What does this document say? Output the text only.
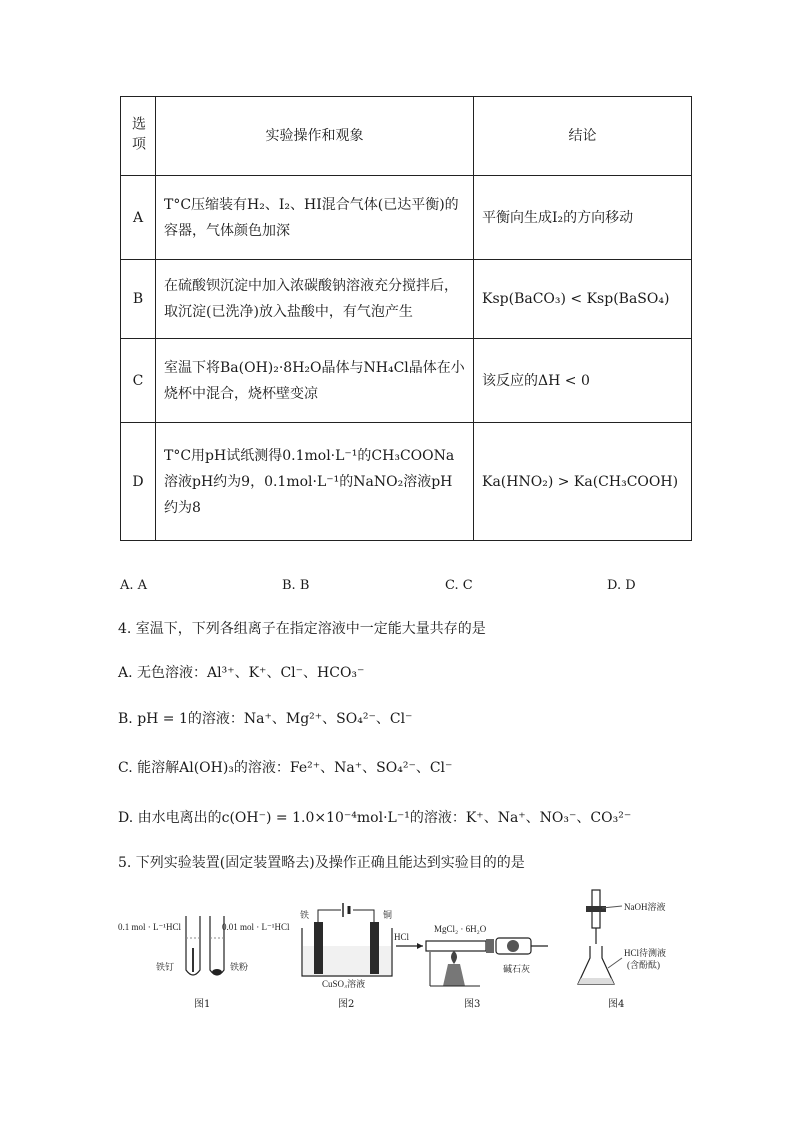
选项	实验操作和观象	结论
A	T°C压缩装有H₂、I₂、HI混合气体(已达平衡)的容器，气体颜色加深	平衡向生成I₂的方向移动
B	在硫酸钡沉淀中加入浓碳酸钠溶液充分搅拌后，取沉淀(已洗净)放入盐酸中，有气泡产生	Ksp(BaCO₃) < Ksp(BaSO₄)
C	室温下将Ba(OH)₂·8H₂O晶体与NH₄Cl晶体在小烧杯中混合，烧杯壁变凉	该反应的ΔH < 0
D	T°C用pH试纸测得0.1mol·L⁻¹的CH₃COONa溶液pH约为9，0.1mol·L⁻¹的NaNO₂溶液pH约为8	Ka(HNO₂) > Ka(CH₃COOH)
A. A	B. B	C. C	D. D
4. 室温下，下列各组离子在指定溶液中一定能大量共存的是
A. 无色溶液：Al³⁺、K⁺、Cl⁻、HCO₃⁻
B. pH = 1的溶液：Na⁺、Mg²⁺、SO₄²⁻、Cl⁻
C. 能溶解Al(OH)₃的溶液：Fe²⁺、Na⁺、SO₄²⁻、Cl⁻
D. 由水电离出的c(OH⁻) = 1.0×10⁻⁴mol·L⁻¹的溶液：K⁺、Na⁺、NO₃⁻、CO₃²⁻
5. 下列实验装置(固定装置略去)及操作正确且能达到实验目的的是
0.1 mol · L⁻¹HCl	0.01 mol · L⁻¹HCl
铁钉	铁粉
图1
铁	铜
CuSO₄溶液
图2
HCl
MgCl₂ · 6H₂O
碱石灰
图3
NaOH溶液
HCl待测液
(含酚酞)
图4
